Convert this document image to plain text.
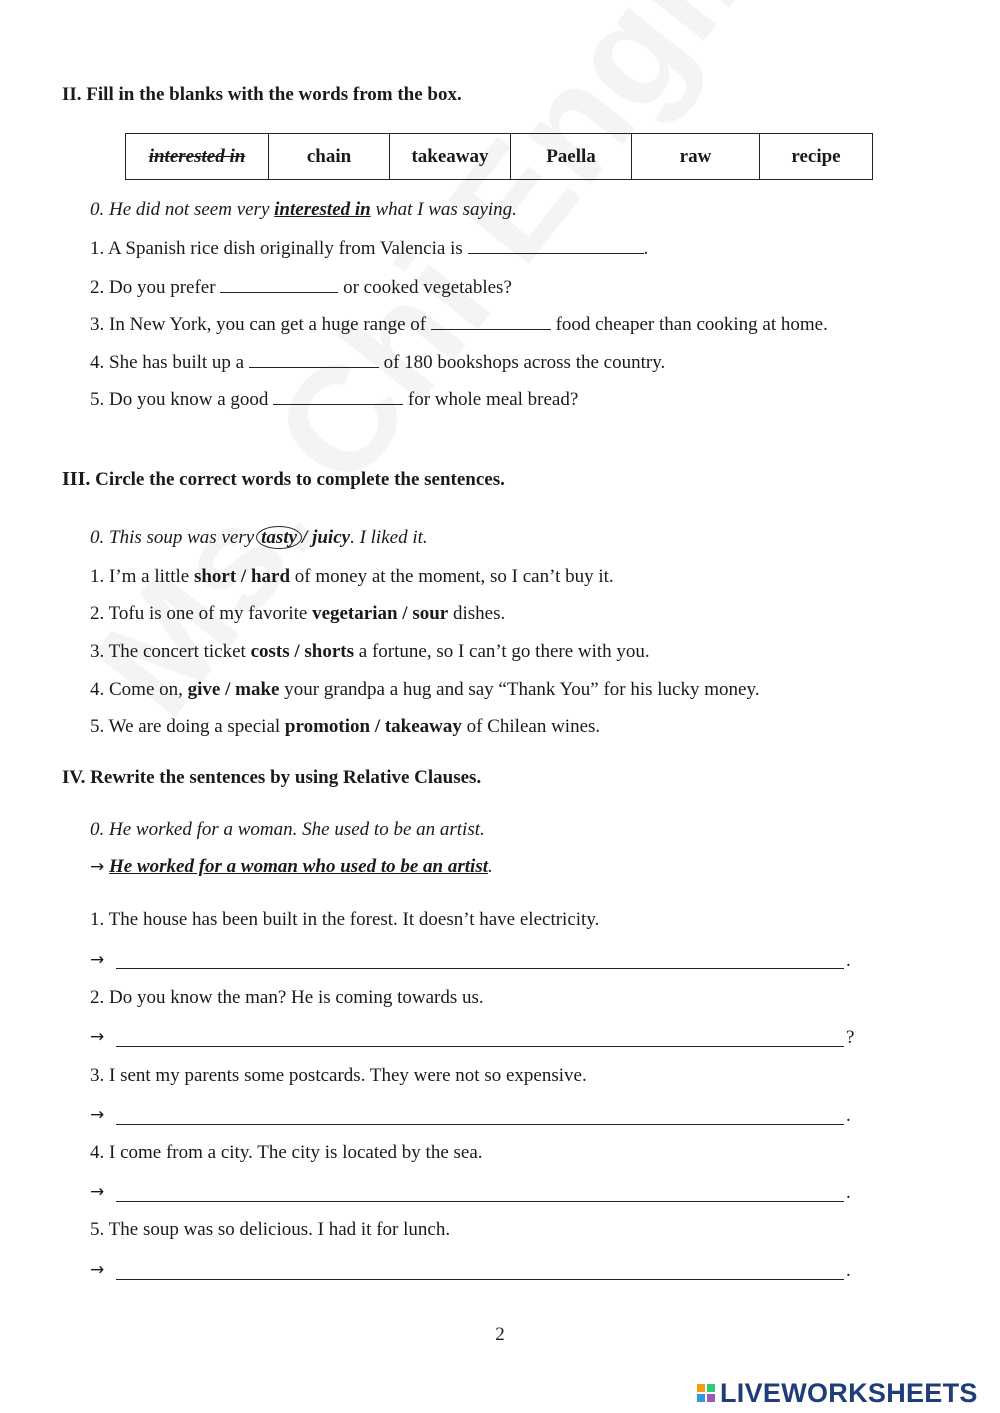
II. Fill in the blanks with the words from the box.
interested in	chain	takeaway	Paella	raw	recipe
0. He did not seem very interested in what I was saying.
1. A Spanish rice dish originally from Valencia is	.
2. Do you prefer	or cooked vegetables?
3. In New York, you can get a huge range of	food cheaper than cooking at home.
4. She has built up a	of 180 bookshops across the country.
5. Do you know a good	for whole meal bread?
III. Circle the correct words to complete the sentences.
0. This soup was very tasty / juicy. I liked it.
1. I’m a little short / hard of money at the moment, so I can’t buy it.
2. Tofu is one of my favorite vegetarian / sour dishes.
3. The concert ticket costs / shorts a fortune, so I can’t go there with you.
4. Come on, give / make your grandpa a hug and say “Thank You” for his lucky money.
5. We are doing a special promotion / takeaway of Chilean wines.
IV. Rewrite the sentences by using Relative Clauses.
0. He worked for a woman. She used to be an artist.
→ He worked for a woman who used to be an artist.
1. The house has been built in the forest. It doesn’t have electricity.
→	.
2. Do you know the man? He is coming towards us.
→	?
3. I sent my parents some postcards. They were not so expensive.
→	.
4. I come from a city. The city is located by the sea.
→	.
5. The soup was so delicious. I had it for lunch.
→	.
2
LIVEWORKSHEETS
